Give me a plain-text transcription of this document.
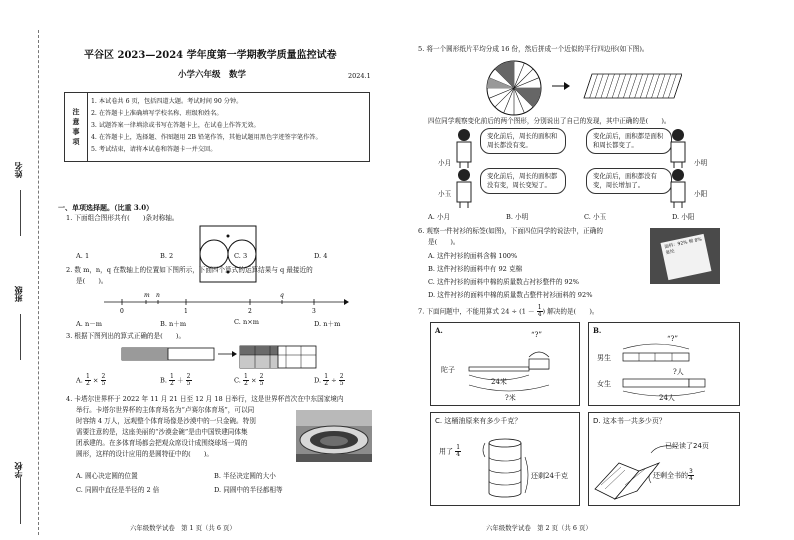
姓名
班级
学校
平谷区 2023—2024 学年度第一学期教学质量监控试卷
小学六年级　数学	2024.1
注
意
事
项
1. 本试卷共 6 页，包括四道大题。考试时间 90 分钟。
2. 在答题卡上准确填写学校名称、班级和姓名。
3. 试题答案一律填涂或书写在答题卡上，在试卷上作答无效。
4. 在答题卡上，选择题、作图题用 2B 铅笔作答，其他试题用黑色字迹签字笔作答。
5. 考试结束，请将本试卷和答题卡一并交回。
一、单项选择题。（比重 3.0）
1. 下面组合图形共有(　　)条对称轴。
A. 1	B. 2	C. 3	D. 4
2. 数 m，n，q 在数轴上的位置如下图所示，下面四个算式的运算结果与 q 最接近的
是(　　)。
m n	q
0	1	2	3
A. n－m	B. n＋m	C. n×m	D. n＋m
3. 根据下图列出的算式正确的是(　　)。
A. $\frac{1}{2} \times \frac{2}{5}$	B. $\frac{1}{2} + \frac{2}{5}$	C. $\frac{1}{2} \times \frac{2}{5}$	D. $\frac{1}{2} \div \frac{2}{5}$
4. 卡塔尔世界杯于 2022 年 11 月 21 日至 12 月 18 日举行，这是世界杯首次在中东国家境内
举行。卡塔尔世界杯的主体育场名为“卢赛尔体育场”，可以同
时容纳 4 万人，远观整个体育场像是沙漠中的一只金碗。特别
需要注意的是，这座美丽的“沙漠金碗”是由中国铁建同体集
团承建的。在多体育场都会把观众席设计成围绕球场一周的
圆形，这样的设计应用的是圆特征中的(　　)。
A. 圆心决定圆的位置	B. 半径决定圆的大小
C. 同圆中直径是半径的 2 倍	D. 同圆中的半径都相等
六年级数学试卷　第 1 页（共 6 页）
5. 将一个圆形纸片平均分成 16 份，然后拼成一个近似的平行四边形(如下图)。
四位同学观察变化前后的两个图形，分别说出了自己的发现，其中正确的是(　　)。
变化前后，周长的面积和周长都没有变。
小月
变化前后，面积都是面积和周长都变了。
小明
变化前后，周长的面积都没有变，周长变短了。
小玉
变化前后，面积都没有变，周长增加了。
小阳
A. 小月	B. 小明	C. 小玉	D. 小阳
6. 观察一件衬衫的标签(如图)，下面四位同学的说法中，正确的
是(　　)。
A. 这件衬衫的面料含棉 100%
B. 这件衬衫的面料中有 92 克棉
C. 这件衬衫的面料中棉的质量数占衬衫整件的 92%
D. 这件衬衫的面料中棉的质量数占整件衬衫面料的 92%
面料：92% 棉 8% 氨纶
7. 下面问题中，不能用算式 $24 \div (1 - \frac{1}{4}$ ) 解决的是(　　)。
A.	“?”
陀子
24米
?米
B.
“?”
男生
女生
?人
24人
C. 这桶油原来有多少千克？
用了 $\frac{1}{4}$
还剩24千克
D. 这本书一共多少页？
已经读了24页
还剩全书的 $\frac{3}{4}$
六年级数学试卷　第 2 页（共 6 页）
